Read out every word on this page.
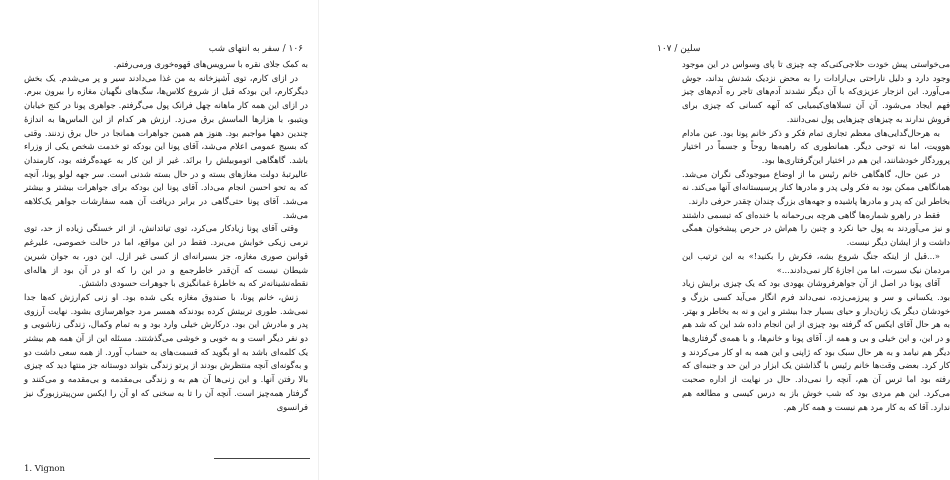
۱۰۶ / سفر به انتهای شب

به کمک جلای نقره با سرویس‌های قهوه‌خوری ورمی‌رفتم.

در ازای کارم، توی آشپزخانه به من غذا می‌دادند سیر و پر می‌شدم. یک بخش دیگرکارم، این بودکه قبل از شروع کلاس‌ها، سگ‌های نگهبان مغازه را بیرون ببرم. در ازای این همه کار ماهانه چهل فرانک پول می‌گرفتم. جواهری پونا در کنج خیابان ویتیبو، با هزارها الماسش برق می‌زد. ارزش هر کدام از این الماس‌ها به اندازهٔ چندین دهها مواجبم بود. هنوز هم همین جواهرات همانجا در حال برق زدنند. وقتی که بسیج عمومی اعلام می‌شد، آقای پونا این بودکه تو خدمت شخص یکی از وزراء باشد. گاهگاهی اتوموبیلش را برانَد. غیر از این کار به عهده‌گرفته بود، کارمندان عالیرتبهٔ دولت مغازهای بسته و در حال بسته شدنی است. سر جهه لولو پونا، آنچه که به تحو احسن انجام می‌داد. آقای پونا این بودکه برای جواهرات بیشتر و بیشتر می‌شد. آقای پونا حتی‌گاهی در برابر دریافت آن همه سفارشات جواهر یک‌کلاهه می‌شد.

وقتی آقای پونا زیادکار می‌کرد، توی تیاتدانش، از اثر خستگی زیاده از حد، توی نرمی زیکی خوابش می‌برد. فقط در این مواقع، اما در حالت خصوصی، علیرغم قوانین صوری مغازه، جز بسیرانه‌ای از کسی غیر ازل. این دور، به جوان شیرین شیطان نیست که آن‌قدر خاطرجمع و در این را که او در آن بود از هاله‌ای نقطه‌نشینانه‌تر که به خاطرهٔ غمانگیزی با جوهرات حسودی داشتش.

زنش، خانم پونا، با صندوق مغازه یکی شده بود. او زنی کم‌ارزش که‌ها جدا نمی‌شد. طوری تربیتش کرده بودندکه همسر مرد جواهرسازی بشود. نهایت آرزوی پدر و مادرش این بود. درکارش خیلی وارد بود و به تمام وکمال، زندگی زناشویی و دو نفر دیگر است و به خوبی و خوشی می‌گذشتند. مسئله این از آن همه هم بیشتر یک کلمه‌ای باشد به او بگوید که قسمت‌های به حساب آورد. از همه سعی داشت دو و به‌گونه‌ای آنچه منتظرش بودند از پرتو زندگی بتواند دوستانه جز منتها دید که چیزی بالا رفتن آنها. و این زنی‌ها آن هم به و زندگی بی‌مقدمه و بی‌مقدمه و می‌کنند و گرفتار همه‌چیز است. آنچه آن را تا به سخنی که او آن را ایکس سن‌پیترزبورگ نیز فرانسوی

1. Vignon
سلین / ۱۰۷

می‌خواستی پیش خودت حلاجی‌کنی‌که چه چیزی تا پای وسواس در این موجود وجود دارد و دلیل ناراحتی بی‌ارادات را به محض نزدیک شدنش بداند، جوش می‌آورد. این انزجار عزیزی‌که با آن دیگر نشدند آدم‌های تاجر ره آدم‌های چیز فهم ایجاد می‌شود. آن آن تسلاهای‌کیمیایی که آنهه کسانی که چیزی برای فروش ندارند به چیزهای چیزهایی پول نمی‌دانند.

به هرحال‌گدایی‌های معظم تجاری تمام فکر و ذکر خانم پونا بود. عین مادام هوویت، اما نه توحی دیگر. همانطوری که راهبه‌ها روحاً و جسماً در اختیار پروردگار خودشانند، این هم در اختیار این‌گرفتاری‌ها بود.

در عین حال، گاهگاهی خانم رئیس ما از اوضاع میوجودگی نگران می‌شد. همانگاهی ممکن بود به فکر ولی پدر و مادرها کنار پرسیستانه‌ای آنها می‌کند. نه بخاطر این که پدر و مادرها پاشیده و جهه‌های بزرگ چندان چقدر حرفی دارند.

فقط در راهرو شماره‌ها گاهی هرچه بی‌رحمانه با خنده‌ای که تبسمی داشتند و نیز می‌آوردند به پول حیا نکرد و چنین را هم‌اش در حرص پیشخوان همگی داشت و از ایشان دیگر نیست.

«...قبل از اینکه جنگ شروع بشه، فکرش را بکنید!» به این ترتیب این مردمان نیک سیرت، اما من اجازهٔ کار نمی‌دادند...»

آقای پونا در اصل از آن جواهرفروشان یهودی بود که یک چیزی برایش زیاد بود. یکسانی و سر و پیرزمی‌زده، نمی‌داند فرم انگار می‌آید کسی بزرگ و خودشان دیگر یک زبان‌دار و حیای بسیار جدا بیشتر و این و نه به بخاطر و بهتر. به هر حال آقای ایکس که گرفته بود چیزی از این انجام داده شد این که شد هم و در این، و این خیلی و بی و همه از. آقای پونا و خانم‌ها، و با همه‌ی گرفتاری‌ها دیگر هم نیامد و به هر حال سبک بود که ژاپنی و این همه به او کار می‌کردند و کار کرد. بعضی وقت‌ها خانم رئیس با گذاشتن یک ابزار در این حد و جنبه‌ای که رفته بود اما ترس آن هم، آنچه را نمی‌داد. حال در نهایت از اداره صحبت می‌کرد. این هم مردی بود که شب خوش باز به درس کیسی و مطالعه هم ندارد. آقا که به کار مرد هم نیست و همه کار هم.
